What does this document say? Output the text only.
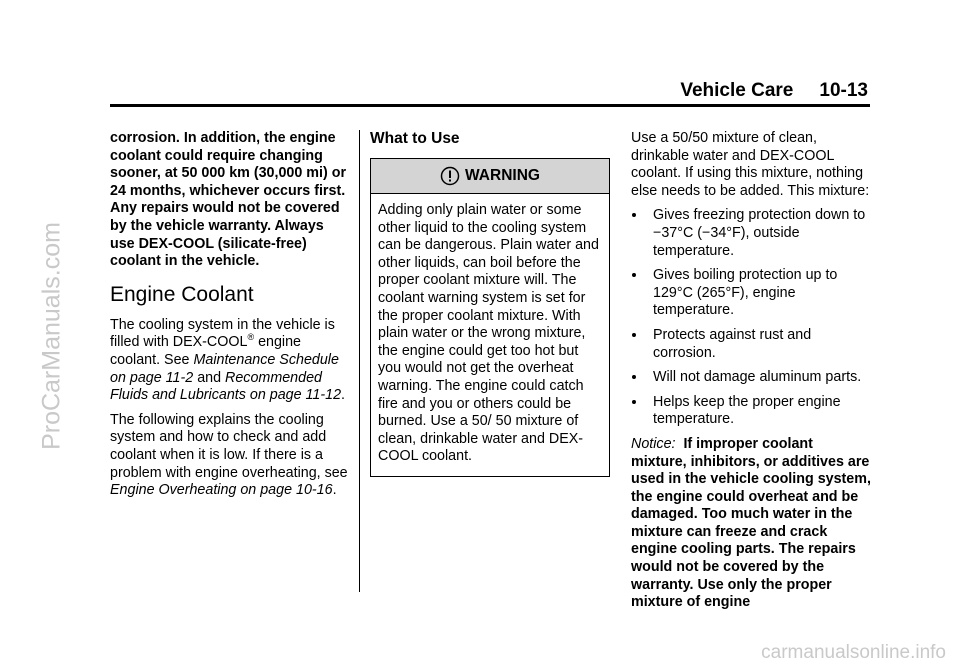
ProCarManuals.com
carmanualsonline.info
Vehicle Care 10-13

corrosion. In addition, the engine coolant could require changing sooner, at 50 000 km (30,000 mi) or 24 months, whichever occurs first. Any repairs would not be covered by the vehicle warranty. Always use DEX-COOL (silicate-free) coolant in the vehicle.

Engine Coolant

The cooling system in the vehicle is filled with DEX-COOL® engine coolant. See Maintenance Schedule on page 11-2 and Recommended Fluids and Lubricants on page 11-12.

The following explains the cooling system and how to check and add coolant when it is low. If there is a problem with engine overheating, see Engine Overheating on page 10-16.

What to Use
WARNING
Adding only plain water or some other liquid to the cooling system can be dangerous. Plain water and other liquids, can boil before the proper coolant mixture will. The coolant warning system is set for the proper coolant mixture. With plain water or the wrong mixture, the engine could get too hot but you would not get the overheat warning. The engine could catch fire and you or others could be burned. Use a 50/ 50 mixture of clean, drinkable water and DEX-COOL coolant.

Use a 50/50 mixture of clean, drinkable water and DEX-COOL coolant. If using this mixture, nothing else needs to be added. This mixture:

Gives freezing protection down to −37°C (−34°F), outside temperature.
Gives boiling protection up to 129°C (265°F), engine temperature.
Protects against rust and corrosion.
Will not damage aluminum parts.
Helps keep the proper engine temperature.

Notice: If improper coolant mixture, inhibitors, or additives are used in the vehicle cooling system, the engine could overheat and be damaged. Too much water in the mixture can freeze and crack engine cooling parts. The repairs would not be covered by the warranty. Use only the proper mixture of engine
